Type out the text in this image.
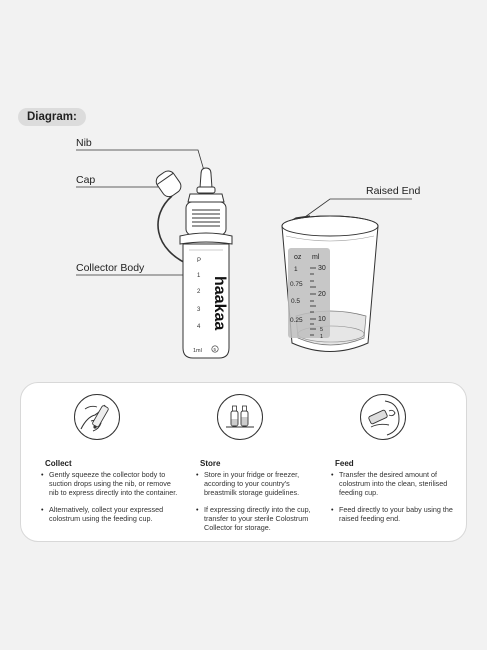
Diagram:
Nib
Cap
Collector Body
Raised End
P
1
2
3
4 haakaa
1ml	5
oz ml
1
0.75
0.5
0.25
30
20
10
5
1
Collect
• Gently squeeze the collector body to suction drops using the nib, or remove nib to express directly into the container.
• Alternatively, collect your expressed colostrum using the feeding cup.
Store
• Store in your fridge or freezer, according to your country's breastmilk storage guidelines.
• If expressing directly into the cup, transfer to your sterile Colostrum Collector for storage.
Feed
• Transfer the desired amount of colostrum into the clean, sterilised feeding cup.
• Feed directly to your baby using the raised feeding end.
